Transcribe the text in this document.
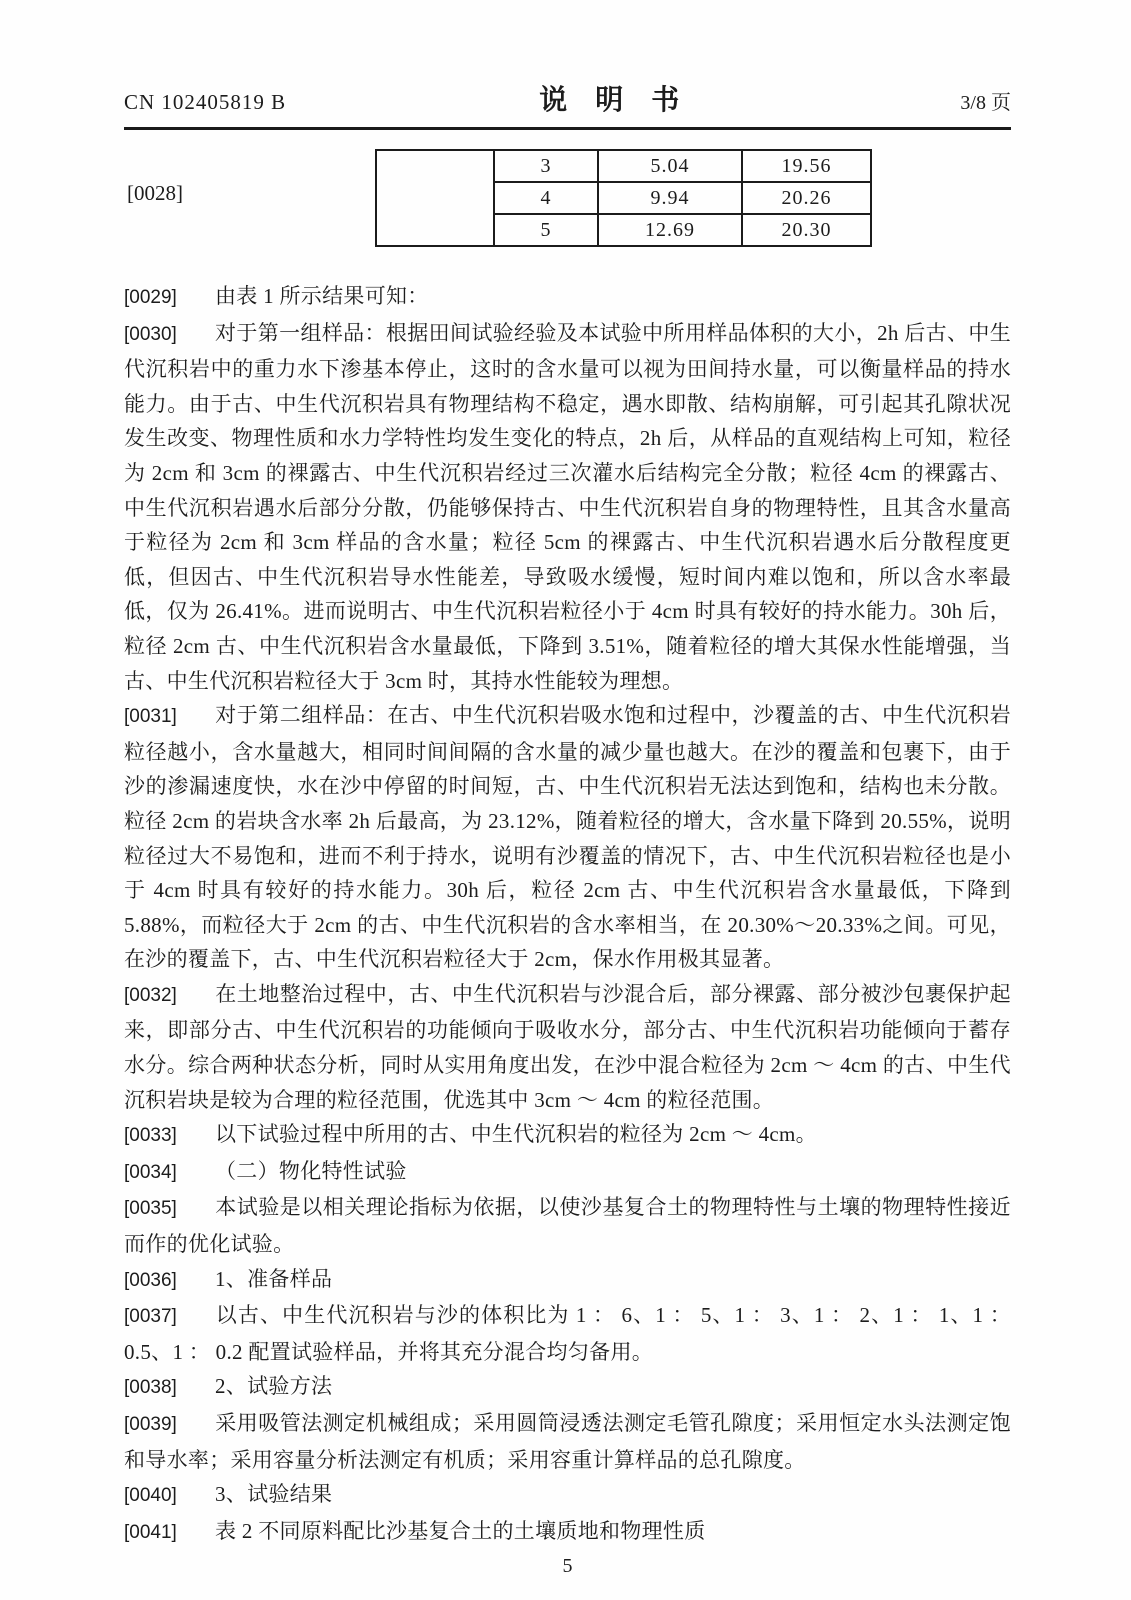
CN 102405819 B	说　明　书	3/8 页
[0028]
	3	5.04	19.56
	4	9.94	20.26
	5	12.69	20.30

[0029] 由表 1 所示结果可知：

[0030] 对于第一组样品：根据田间试验经验及本试验中所用样品体积的大小，2h 后古、中生代沉积岩中的重力水下渗基本停止，这时的含水量可以视为田间持水量，可以衡量样品的持水能力。由于古、中生代沉积岩具有物理结构不稳定，遇水即散、结构崩解，可引起其孔隙状况发生改变、物理性质和水力学特性均发生变化的特点，2h 后，从样品的直观结构上可知，粒径为 2cm 和 3cm 的裸露古、中生代沉积岩经过三次灌水后结构完全分散；粒径 4cm 的裸露古、中生代沉积岩遇水后部分分散，仍能够保持古、中生代沉积岩自身的物理特性，且其含水量高于粒径为 2cm 和 3cm 样品的含水量；粒径 5cm 的裸露古、中生代沉积岩遇水后分散程度更低，但因古、中生代沉积岩导水性能差，导致吸水缓慢，短时间内难以饱和，所以含水率最低，仅为 26.41%。进而说明古、中生代沉积岩粒径小于 4cm 时具有较好的持水能力。30h 后，粒径 2cm 古、中生代沉积岩含水量最低，下降到 3.51%，随着粒径的增大其保水性能增强，当古、中生代沉积岩粒径大于 3cm 时，其持水性能较为理想。

[0031] 对于第二组样品：在古、中生代沉积岩吸水饱和过程中，沙覆盖的古、中生代沉积岩粒径越小，含水量越大，相同时间间隔的含水量的减少量也越大。在沙的覆盖和包裹下，由于沙的渗漏速度快，水在沙中停留的时间短，古、中生代沉积岩无法达到饱和，结构也未分散。粒径 2cm 的岩块含水率 2h 后最高，为 23.12%，随着粒径的增大，含水量下降到 20.55%，说明粒径过大不易饱和，进而不利于持水，说明有沙覆盖的情况下，古、中生代沉积岩粒径也是小于 4cm 时具有较好的持水能力。30h 后，粒径 2cm 古、中生代沉积岩含水量最低，下降到 5.88%，而粒径大于 2cm 的古、中生代沉积岩的含水率相当，在 20.30%～20.33%之间。可见，在沙的覆盖下，古、中生代沉积岩粒径大于 2cm，保水作用极其显著。

[0032] 在土地整治过程中，古、中生代沉积岩与沙混合后，部分裸露、部分被沙包裹保护起来，即部分古、中生代沉积岩的功能倾向于吸收水分，部分古、中生代沉积岩功能倾向于蓄存水分。综合两种状态分析，同时从实用角度出发，在沙中混合粒径为 2cm ～ 4cm 的古、中生代沉积岩块是较为合理的粒径范围，优选其中 3cm ～ 4cm 的粒径范围。

[0033] 以下试验过程中所用的古、中生代沉积岩的粒径为 2cm ～ 4cm。

[0034] （二）物化特性试验

[0035] 本试验是以相关理论指标为依据，以使沙基复合土的物理特性与土壤的物理特性接近而作的优化试验。

[0036] 1、准备样品

[0037] 以古、中生代沉积岩与沙的体积比为 1 ： 6、1 ： 5、1 ： 3、1 ： 2、1 ： 1、1 ： 0.5、1 ： 0.2 配置试验样品，并将其充分混合均匀备用。

[0038] 2、试验方法

[0039] 采用吸管法测定机械组成；采用圆筒浸透法测定毛管孔隙度；采用恒定水头法测定饱和导水率；采用容量分析法测定有机质；采用容重计算样品的总孔隙度。

[0040] 3、试验结果

[0041] 表 2 不同原料配比沙基复合土的土壤质地和物理性质

5
